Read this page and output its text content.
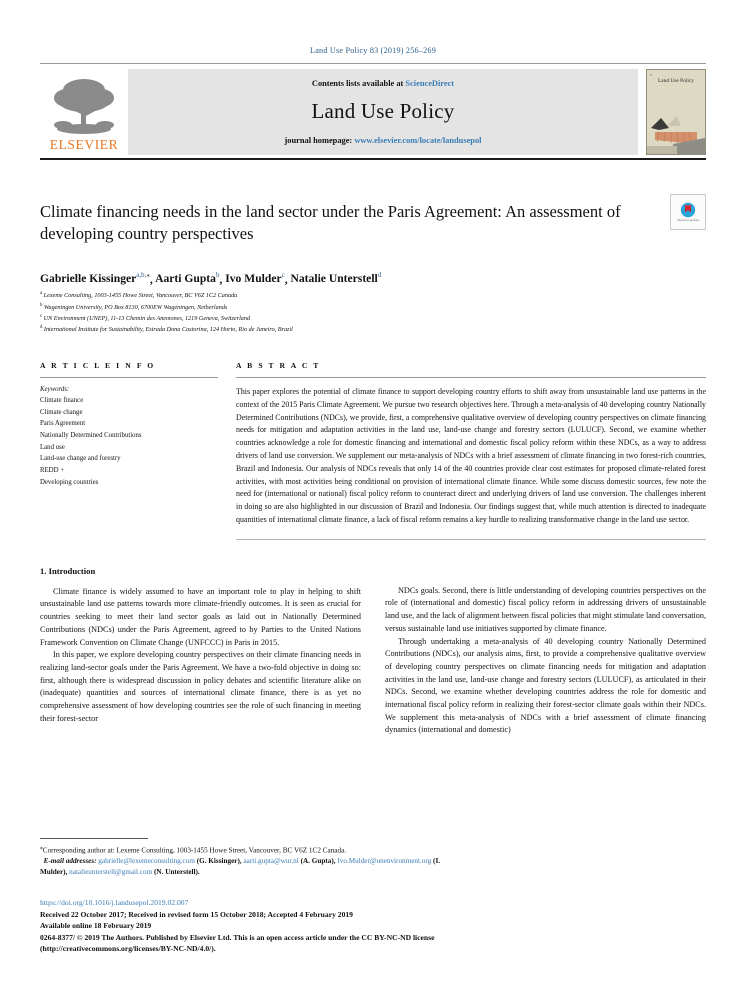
Land Use Policy 83 (2019) 256–269
ELSEVIER
Contents lists available at ScienceDirect
Land Use Policy
journal homepage: www.elsevier.com/locate/landusepol
≡
Land Use Policy
Climate financing needs in the land sector under the Paris Agreement: An assessment of developing country perspectives
Check for updates
Gabrielle Kissinger$^{a,b,⁎}$, Aarti Gupta$^b$, Ivo Mulder$^c$, Natalie Unterstell$^d$
$^a$ Lexeme Consulting, 1003-1455 Howe Street, Vancouver, BC V6Z 1C2 Canada
$^b$ Wageningen University, PO Box 8130, 6700EW Wageningen, Netherlands
$^c$ UN Environment (UNEP), 11-13 Chemin des Anemones, 1219 Geneva, Switzerland
$^d$ International Institute for Sustainability, Estrada Dona Castorina, 124 Horto, Rio de Janeiro, Brazil
A R T I C L E I N F O
Keywords:
Climate finance
Climate change
Paris Agreement
Nationally Determined Contributions
Land use
Land-use change and forestry
REDD +
Developing countries
A B S T R A C T
This paper explores the potential of climate finance to support developing country efforts to shift away from unsustainable land use patterns in the context of the 2015 Paris Climate Agreement. We pursue two research objectives here. Through a meta-analysis of 40 developing country Nationally Determined Contributions (NDCs), we provide, first, a comprehensive qualitative overview of developing country perspectives on climate financing needs for mitigation and adaptation activities in the land use, land-use change and forestry sectors (LULUCF). Second, we examine whether countries acknowledge a role for domestic financing and international and domestic fiscal policy reform within these NDCs, as a way to address drivers of land use conversion. We supplement our meta-analysis of NDCs with a brief assessment of climate financing in two forest-rich countries, Brazil and Indonesia. Our analysis of NDCs reveals that only 14 of the 40 countries provide clear cost estimates for proposed climate-related forest activities, with most activities being conditional on provision of international climate finance. While some discuss domestic sources, few note the need for (international or national) fiscal policy reform to counteract direct and underlying drivers of land use conversion. The challenges inherent in doing so are also highlighted in our discussion of Brazil and Indonesia. Our findings suggest that, while much attention is directed to inadequate quantities of international climate finance, a lack of fiscal reform remains a key hurdle to realizing transformative change in the land use sector.
1. Introduction

Climate finance is widely assumed to have an important role to play in helping to shift unsustainable land use patterns towards more climate-friendly outcomes. It is seen as crucial for countries seeking to meet their land sector goals as laid out in Nationally Determined Contributions (NDCs) under the Paris Agreement, agreed to by Parties to the United Nations Framework Convention on Climate Change (UNFCCC) in Paris in 2015.

In this paper, we explore developing country perspectives on their climate financing needs in realizing land-sector goals under the Paris Agreement. We have a two-fold objective in doing so: first, although there is widespread discussion in policy debates and scientific literature alike on (inadequate) quantities and sources of international climate finance, there is as yet no comprehensive assessment of how developing countries see the role of such financing in meeting their forest-sector

NDCs goals. Second, there is little understanding of developing countries perspectives on the role of (international and domestic) fiscal policy reform in addressing drivers of unsustainable land use, and the lack of alignment between fiscal policies that might stimulate land conversation, versus sustainable land use initiatives supported by climate finance.

Through undertaking a meta-analysis of 40 developing country Nationally Determined Contributions (NDCs), our analysis aims, first, to provide a comprehensive qualitative overview of developing country perspectives on climate financing needs for mitigation and adaptation activities in the land use, land-use change and forestry sectors (LULUCF), as articulated in their NDCs. Second, we examine whether developing countries address the role for domestic and international fiscal policy reform in realizing their forest-sector climate goals within their NDCs. We supplement this meta-analysis of NDCs with a brief assessment of climate financing dynamics (international and domestic)

⁎Corresponding author at: Lexeme Consulting, 1003-1455 Howe Street, Vancouver, BC V6Z 1C2 Canada.
E-mail addresses: gabrielle@lexemeconsulting.com (G. Kissinger), aarti.gupta@wur.nl (A. Gupta), Ivo.Mulder@unenvironment.org (I. Mulder), natalieunterstell@gmail.com (N. Unterstell).
https://doi.org/10.1016/j.landusepol.2019.02.007
Received 22 October 2017; Received in revised form 15 October 2018; Accepted 4 February 2019
Available online 18 February 2019
0264-8377/ © 2019 The Authors. Published by Elsevier Ltd. This is an open access article under the CC BY-NC-ND license
(http://creativecommons.org/licenses/BY-NC-ND/4.0/).
